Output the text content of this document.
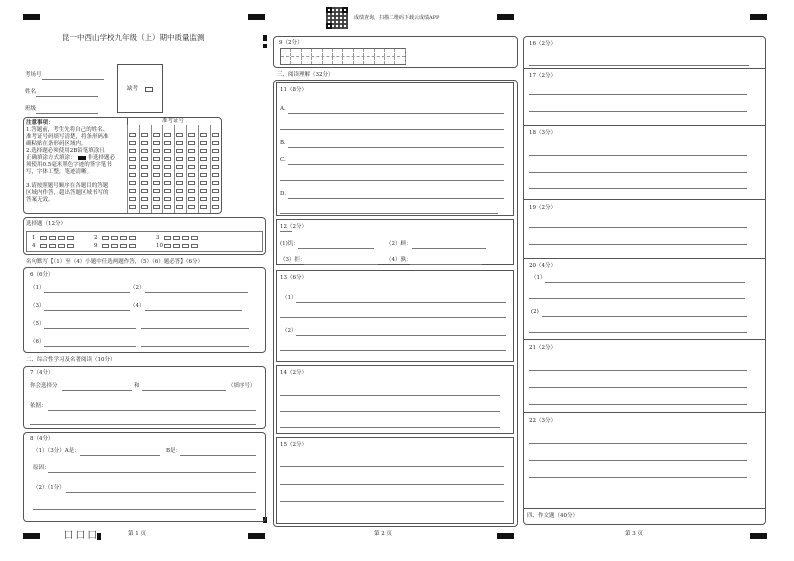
成绩查询，扫描二维码下载云成绩APP
昆一中西山学校九年级（上）期中质量监测
考场号
姓名
班级
缺考
注意事项：
1.答题前，考生先将自己的姓名、
准考证号码填写清楚，将条形码准
确粘贴在条形码区域内。
2.选择题必须使用2B铅笔填涂且
正确填涂方式填涂： 非选择题必
须使用0.5毫米黑色字迹的签字笔书
写，字体工整，笔迹清晰。
3.请按照题号顺序在各题目的答题
区域内作答，超出答题区域书写的
答案无效。
准考证号
选择题（12分）
1	2	3
4	9	10
名句默写【（1）至（4）小题中任选两题作答，（5）（6）题必答】（6分）
6（6分）
（1）	（2）
（3）	（4）
（5）
（6）
二、综合性学习及名著阅读（10分）
7（4分）
你会选择分	和	（填序号）
依据：
8（4分）
（1）（3分）A是：	B是：
原因：
（2）（1分）
第 1 页
囗 囗 囗
9（2分）
三、阅读理解（32分）
11（8分）
A.
B.
C.
D.
12（2分）
(1)饥：	（2）顾：
（3）拒：	（4）孰：
13（6分）
（1）
（2）
14（2分）
15（2分）
第 2 页
16（2分）
17（2分）
18（3分）
19（2分）
20（4分）
（1）
(2)
21（2分）
22（3分）
四、作文题（40分）
第 3 页
